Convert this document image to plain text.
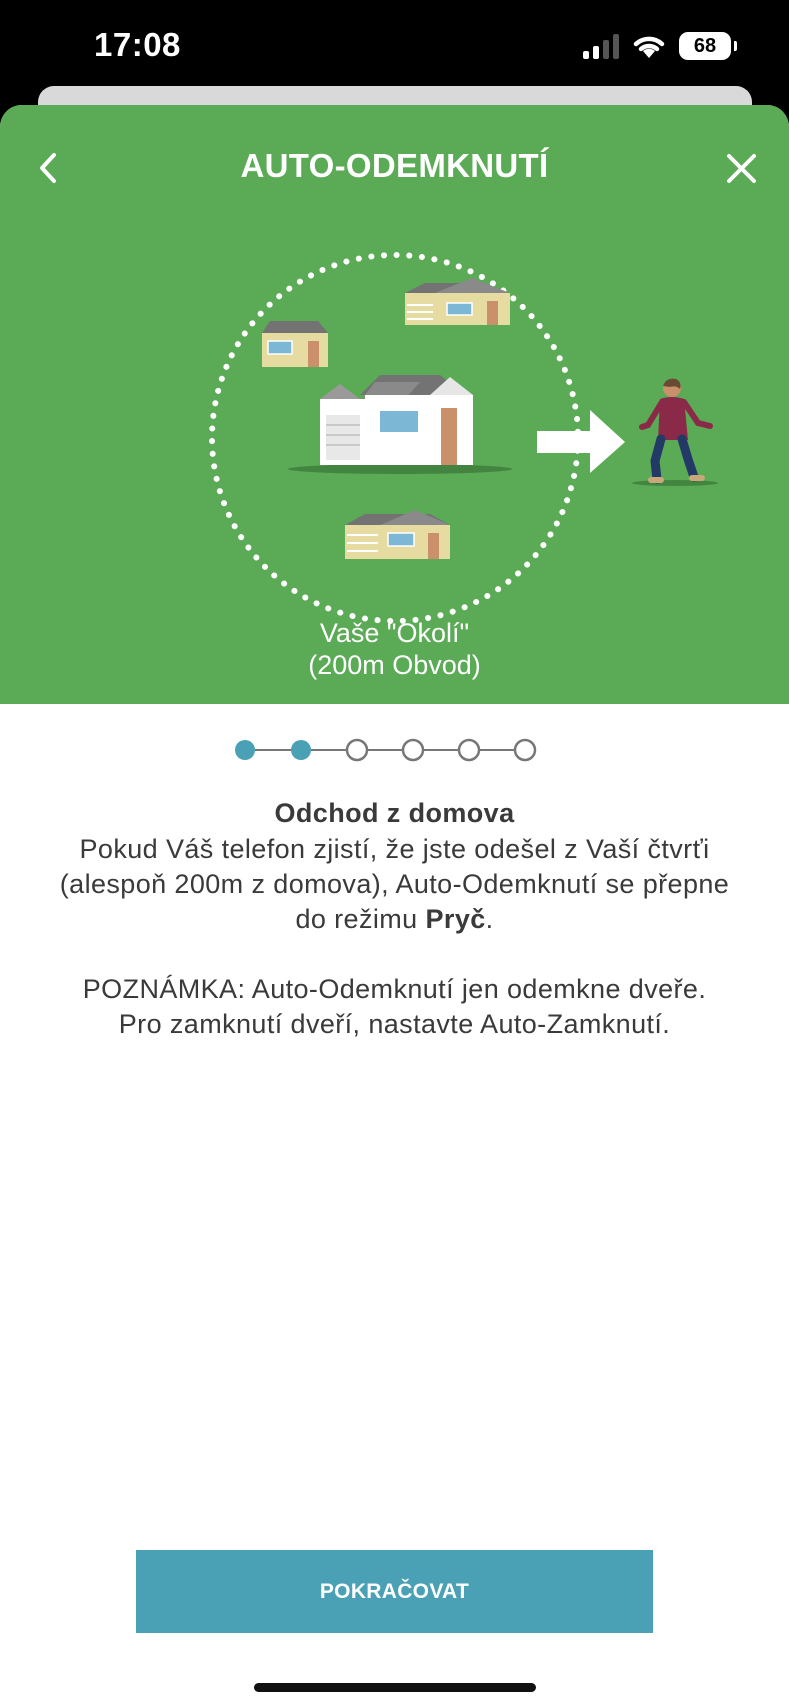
17:08	68
AUTO-ODEMKNUTÍ
Vaše "Okolí"
(200m Obvod)
Odchod z domova
Pokud Váš telefon zjistí, že jste odešel z Vaší čtvrťi (alespoň 200m z domova), Auto-Odemknutí se přepne do režimu Pryč.
POZNÁMKA: Auto-Odemknutí jen odemkne dveře. Pro zamknutí dveří, nastavte Auto-Zamknutí.
POKRAČOVAT
